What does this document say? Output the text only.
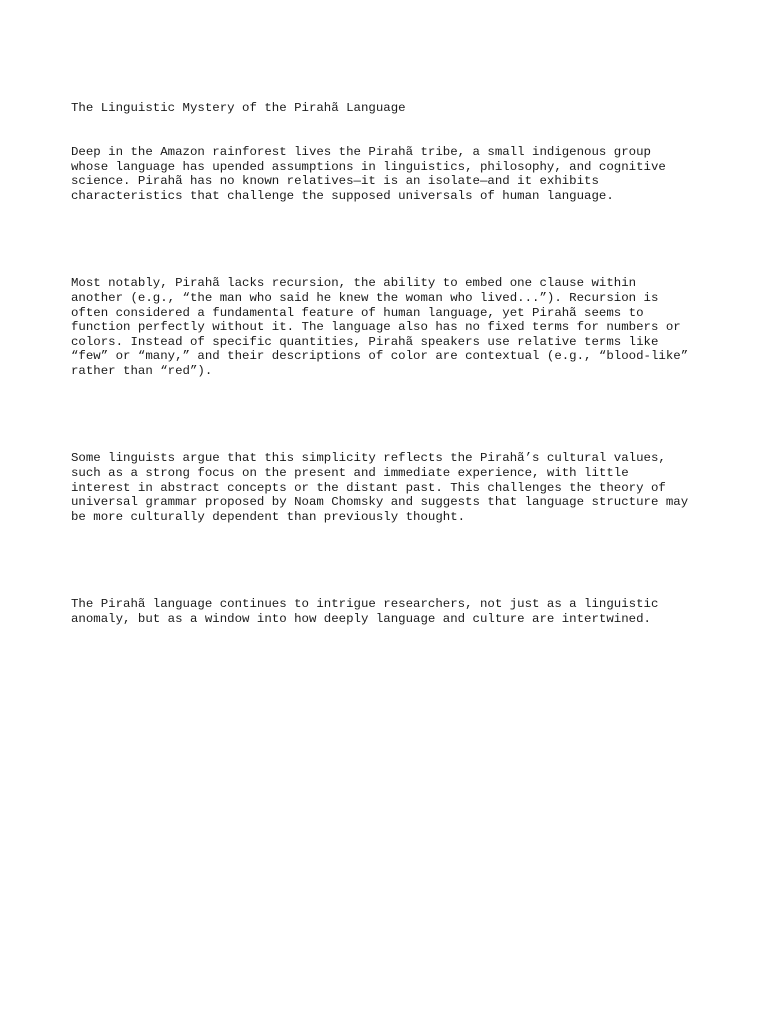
The Linguistic Mystery of the Pirahã Language

Deep in the Amazon rainforest lives the Pirahã tribe, a small indigenous group
whose language has upended assumptions in linguistics, philosophy, and cognitive
science. Pirahã has no known relatives—it is an isolate—and it exhibits
characteristics that challenge the supposed universals of human language.

Most notably, Pirahã lacks recursion, the ability to embed one clause within
another (e.g., “the man who said he knew the woman who lived...”). Recursion is
often considered a fundamental feature of human language, yet Pirahã seems to
function perfectly without it. The language also has no fixed terms for numbers or
colors. Instead of specific quantities, Pirahã speakers use relative terms like
“few” or “many,” and their descriptions of color are contextual (e.g., “blood-like”
rather than “red”).

Some linguists argue that this simplicity reflects the Pirahã’s cultural values,
such as a strong focus on the present and immediate experience, with little
interest in abstract concepts or the distant past. This challenges the theory of
universal grammar proposed by Noam Chomsky and suggests that language structure may
be more culturally dependent than previously thought.

The Pirahã language continues to intrigue researchers, not just as a linguistic
anomaly, but as a window into how deeply language and culture are intertwined.
